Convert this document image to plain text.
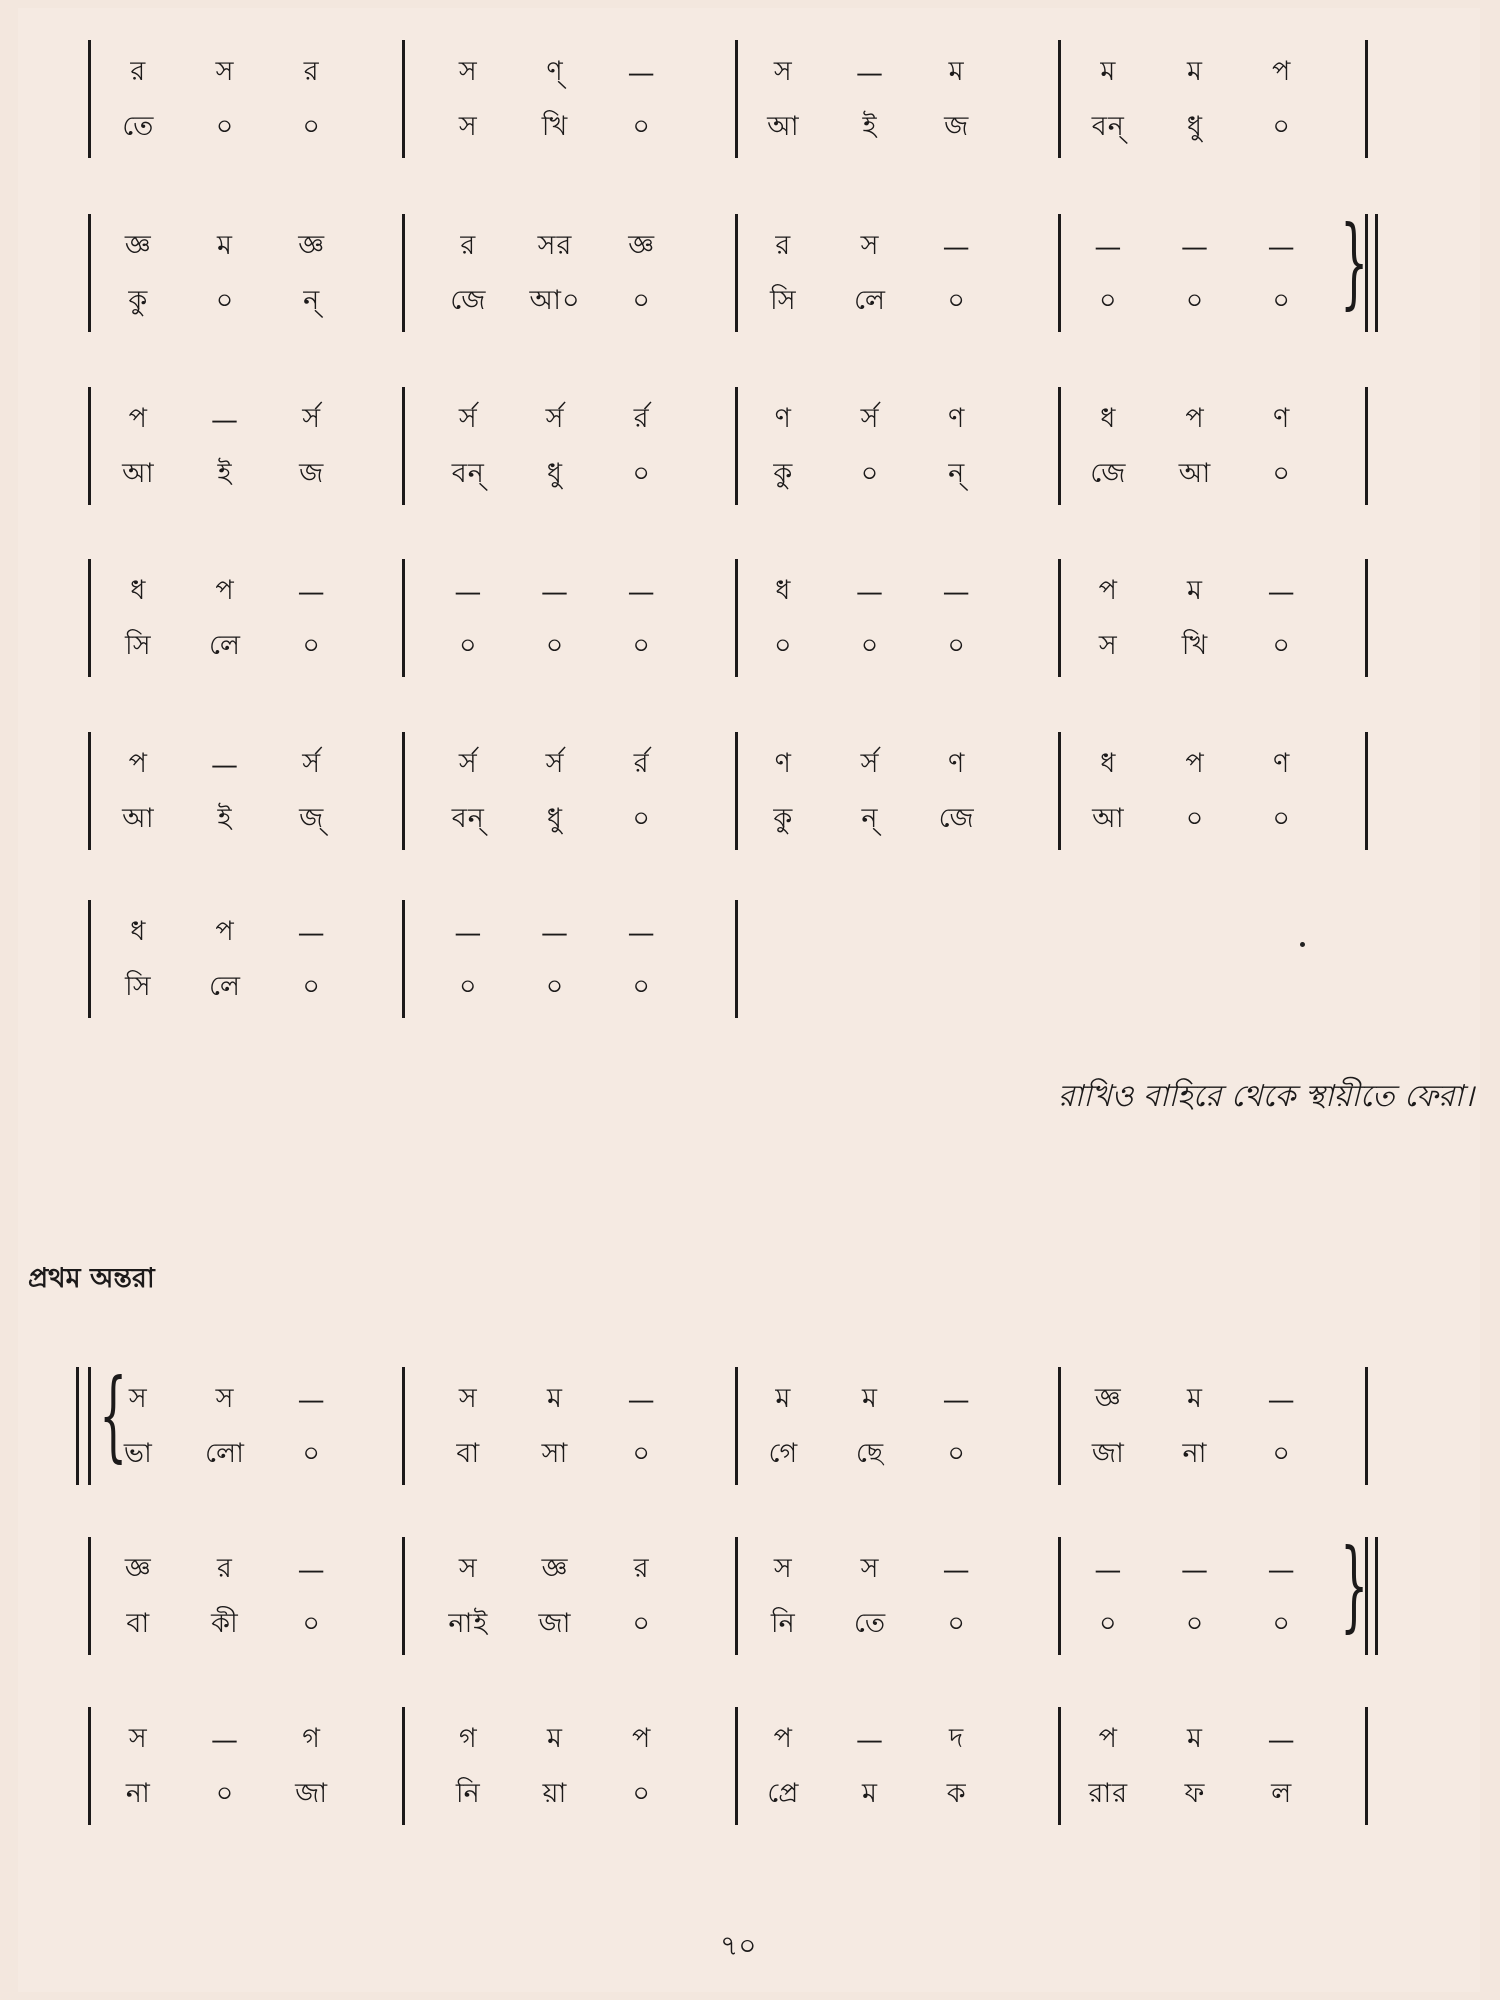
র	স	র
তে	০	০
স	ণ্	—
স	খি	০
স	—	ম
আ	ই	জ
ম	ম	প
বন্	ধু	০
}
জ্ঞ	ম	জ্ঞ
কু	০	ন্
র	সর	জ্ঞ
জে	আ০	০
র	স	—
সি	লে	০
—	—	—
০	০	০
প	—	র্স
আ	ই	জ
র্স	র্স	র্র
বন্	ধু	০
ণ	র্স	ণ
কু	০	ন্
ধ	প	ণ
জে	আ	০
ধ	প	—
সি	লে	০
—	—	—
০	০	০
ধ	—	—
০	০	০
প	ম	—
স	খি	০
প	—	র্স
আ	ই	জ্
র্স	র্স	র্র
বন্	ধু	০
ণ	র্স	ণ
কু	ন্	জে
ধ	প	ণ
আ	০	০
ধ	প	—
সি	লে	০
—	—	—
০	০	০
রাখিও বাহিরে থেকে স্থায়ীতে ফেরা।
প্রথম অন্তরা
{ স	স	—
ভা	লো	০
স	ম	—
বা	সা	০
ম	ম	—
গে	ছে	০
জ্ঞ	ম	—
জা	না	০
}
জ্ঞ	র	—
বা	কী	০
স	জ্ঞ	র
নাই	জা	০
স	স	—
নি	তে	০
—	—	—
০	০	০
স	—	গ
না	০	জা
গ	ম	প
নি	য়া	০
প	—	দ
প্রে	ম	ক
প	ম	—
রার	ফ	ল
৭০
